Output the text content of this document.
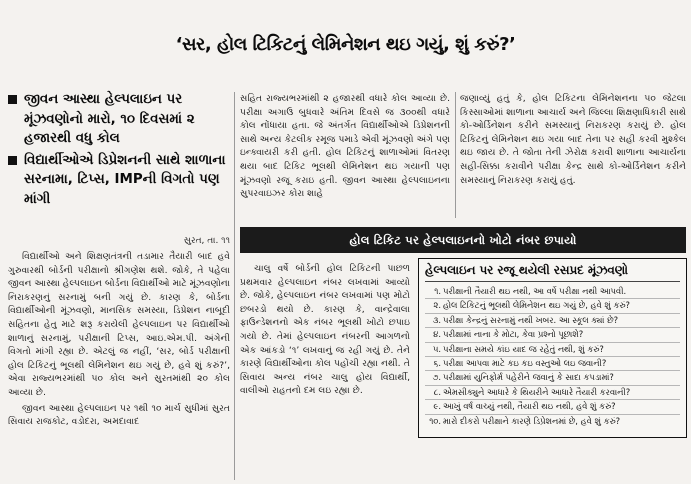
‘સર, હોલ ટિકિટનું લેમિનેશન થઇ ગયું, શું કરું?’
જીવન આસ્થા હેલ્પલાઇન પર મૂંઝવણોનો મારો, ૧૦ દિવસમાં ૨ હજારથી વધુ કોલ
વિદ્યાર્થીઓએ ડિપ્રેશનની સાથે શાળાના સરનામા, ટિપ્સ, IMPની વિગતો પણ માંગી
સુરત, તા. ૧૧

વિદ્યાર્થીઓ અને શિક્ષણતંત્રની તડામાર તૈયારી બાદ હવે ગુરુવારથી બોર્ડની પરીક્ષાનો શ્રીગણેશ થશે. જોકે, તે પહેલા જીવન આસ્થા હેલ્પલાઇન બોર્ડના વિદ્યાર્થીઓ માટે મૂંઝવણોના નિરાકરણનું સરનામું બની ગયું છે. કારણ કે, બોર્ડના વિદ્યાર્થીઓની મૂંઝવણો, માનસિક સમસ્યા, ડિપ્રેશન નાબૂદી સહિતના હેતુ માટે શરૂ કરાયેલી હેલ્પલાઇન પર વિદ્યાર્થીઓ શાળાનું સરનામું, પરીક્ષાની ટિપ્સ, આઇ.એમ.પી. અંગેની વિગતો માંગી રહ્યા છે. એટલું જ નહીં, ‘સર, બોર્ડ પરીક્ષાની હોલ ટિકિટનું ભૂલથી લેમિનેશન થઇ ગયું છે, હવે શું કરું?’, એવા રાજ્યભરમાંથી ૫૦ કોલ અને સુરતમાંથી ૨૦ કોલ આવ્યા છે.

જીવન આસ્થા હેલ્પલાઇન પર ૧થી ૧૦ માર્ચ સુધીમાં સુરત સિવાય રાજકોટ, વડોદરા, અમદાવાદ

સહિત રાજ્યભરમાંથી ૨ હજારથી વધારે કોલ આવ્યા છે. પરીક્ષા અગાઉ બુધવારે અંતિમ દિવસે જ ૩૦૦થી વધારે કોલ નોંધાયા હતા. જે અંતર્ગત વિદ્યાર્થીઓએ ડિપ્રેશનની સાથે અન્ય કેટલીક રમૂજ પમાડે એવી મૂંઝવણો અંગે પણ ઇન્ક્વાયરી કરી હતી. હોલ ટિકિટનું શાળાઓમાં વિતરણ થયા બાદ ટિકિટ ભૂલથી લેમિનેશન થઇ ગયાની પણ મૂંઝવણો રજૂ કરાઇ હતી. જીવન આસ્થા હેલ્પલાઇનના સુપરવાઇઝર કોરા શાહે

જણાવ્યું હતું કે, હોલ ટિકિટના લેમિનેશનના ૫૦ જેટલા કિસ્સાઓમાં શાળાના આચાર્ય અને જિલ્લા શિક્ષણાધિકારી સાથે કો-ઓર્ડિનેશન કરીને સમસ્યાનું નિરાકરણ કરાયું છે. હોલ ટિકિટનું લેમિનેશન થઇ ગયા બાદ તેના પર સહી કરવી મુશ્કેલ થઇ જાય છે. તે જોતા તેની ઝેરોક્ષ કરાવી શાળાના આચાર્યના સહી-સિક્કા કરાવીને પરીક્ષા કેન્દ્ર સાથે કો-ઓર્ડિનેશન કરીને સમસ્યાનું નિરાકરણ કરાયું હતું.

હોલ ટિકિટ પર હેલ્પલાઇનનો ખોટો નંબર છપાયો

ચાલુ વર્ષે બોર્ડની હોલ ટિકિટની પાછળ પ્રથમવાર હેલ્પલાઇન નંબર લખવામાં આવ્યો છે. જોકે, હેલ્પલાઇન નંબર લખવામાં પણ મોટો છબરડો થયો છે. કારણ કે, વાન્દ્રેવાલા ફાઉન્ડેશનનો એક નંબર ભૂલથી ખોટો છપાઇ ગયો છે. તેમાં હેલ્પલાઇન નંબરની આગળનો એક આંકડો ‘૧’ લખવાનું જ રહી ગયું છે. તેને કારણે વિદ્યાર્થીઓના કોલ પહોંચી રહ્યા નથી. તે સિવાય અન્ય નંબર ચાલુ હોય વિદ્યાર્થી, વાલીઓ રાહતનો દમ લઇ રહ્યા છે.

હેલ્પલાઇન પર રજૂ થયેલી રસપ્રદ મૂંઝવણો
૧. પરીક્ષાની તૈયારી થઇ નથી, આ વર્ષે પરીક્ષા નથી આપવી.
૨. હોલ ટિકિટનું ભૂલથી લેમિનેશન થઇ ગયું છે, હવે શું કરું?
૩. પરીક્ષા કેન્દ્રનું સરનામું નથી ખબર. આ સ્કૂલ ક્યાં છે?
૪. પરીક્ષામાં નાના કે મોટા, કેવા પ્રશ્નો પૂછાશે?
૫. પરીક્ષાના સમયે કાંઇ યાદ જ રહેતું નથી, શું કરું?
૬. પરીક્ષા આપવા માટે કઇ કઇ વસ્તુઓ લઇ જવાની?
૭. પરીક્ષામાં યુનિફોર્મ પહેરીને જવાનું કે સાદા કપડામાં?
૮. એમસીક્યુને આધારે કે થિયરીને આધારે તૈયારી કરવાની?
૯. આખું વર્ષ વાચ્યું નથી, તૈયારી થઇ નથી, હવે શું કરું?
૧૦. મારો દીકરો પરીક્ષાને કારણે ડિપ્રેશનમાં છે, હવે શું કરું?
